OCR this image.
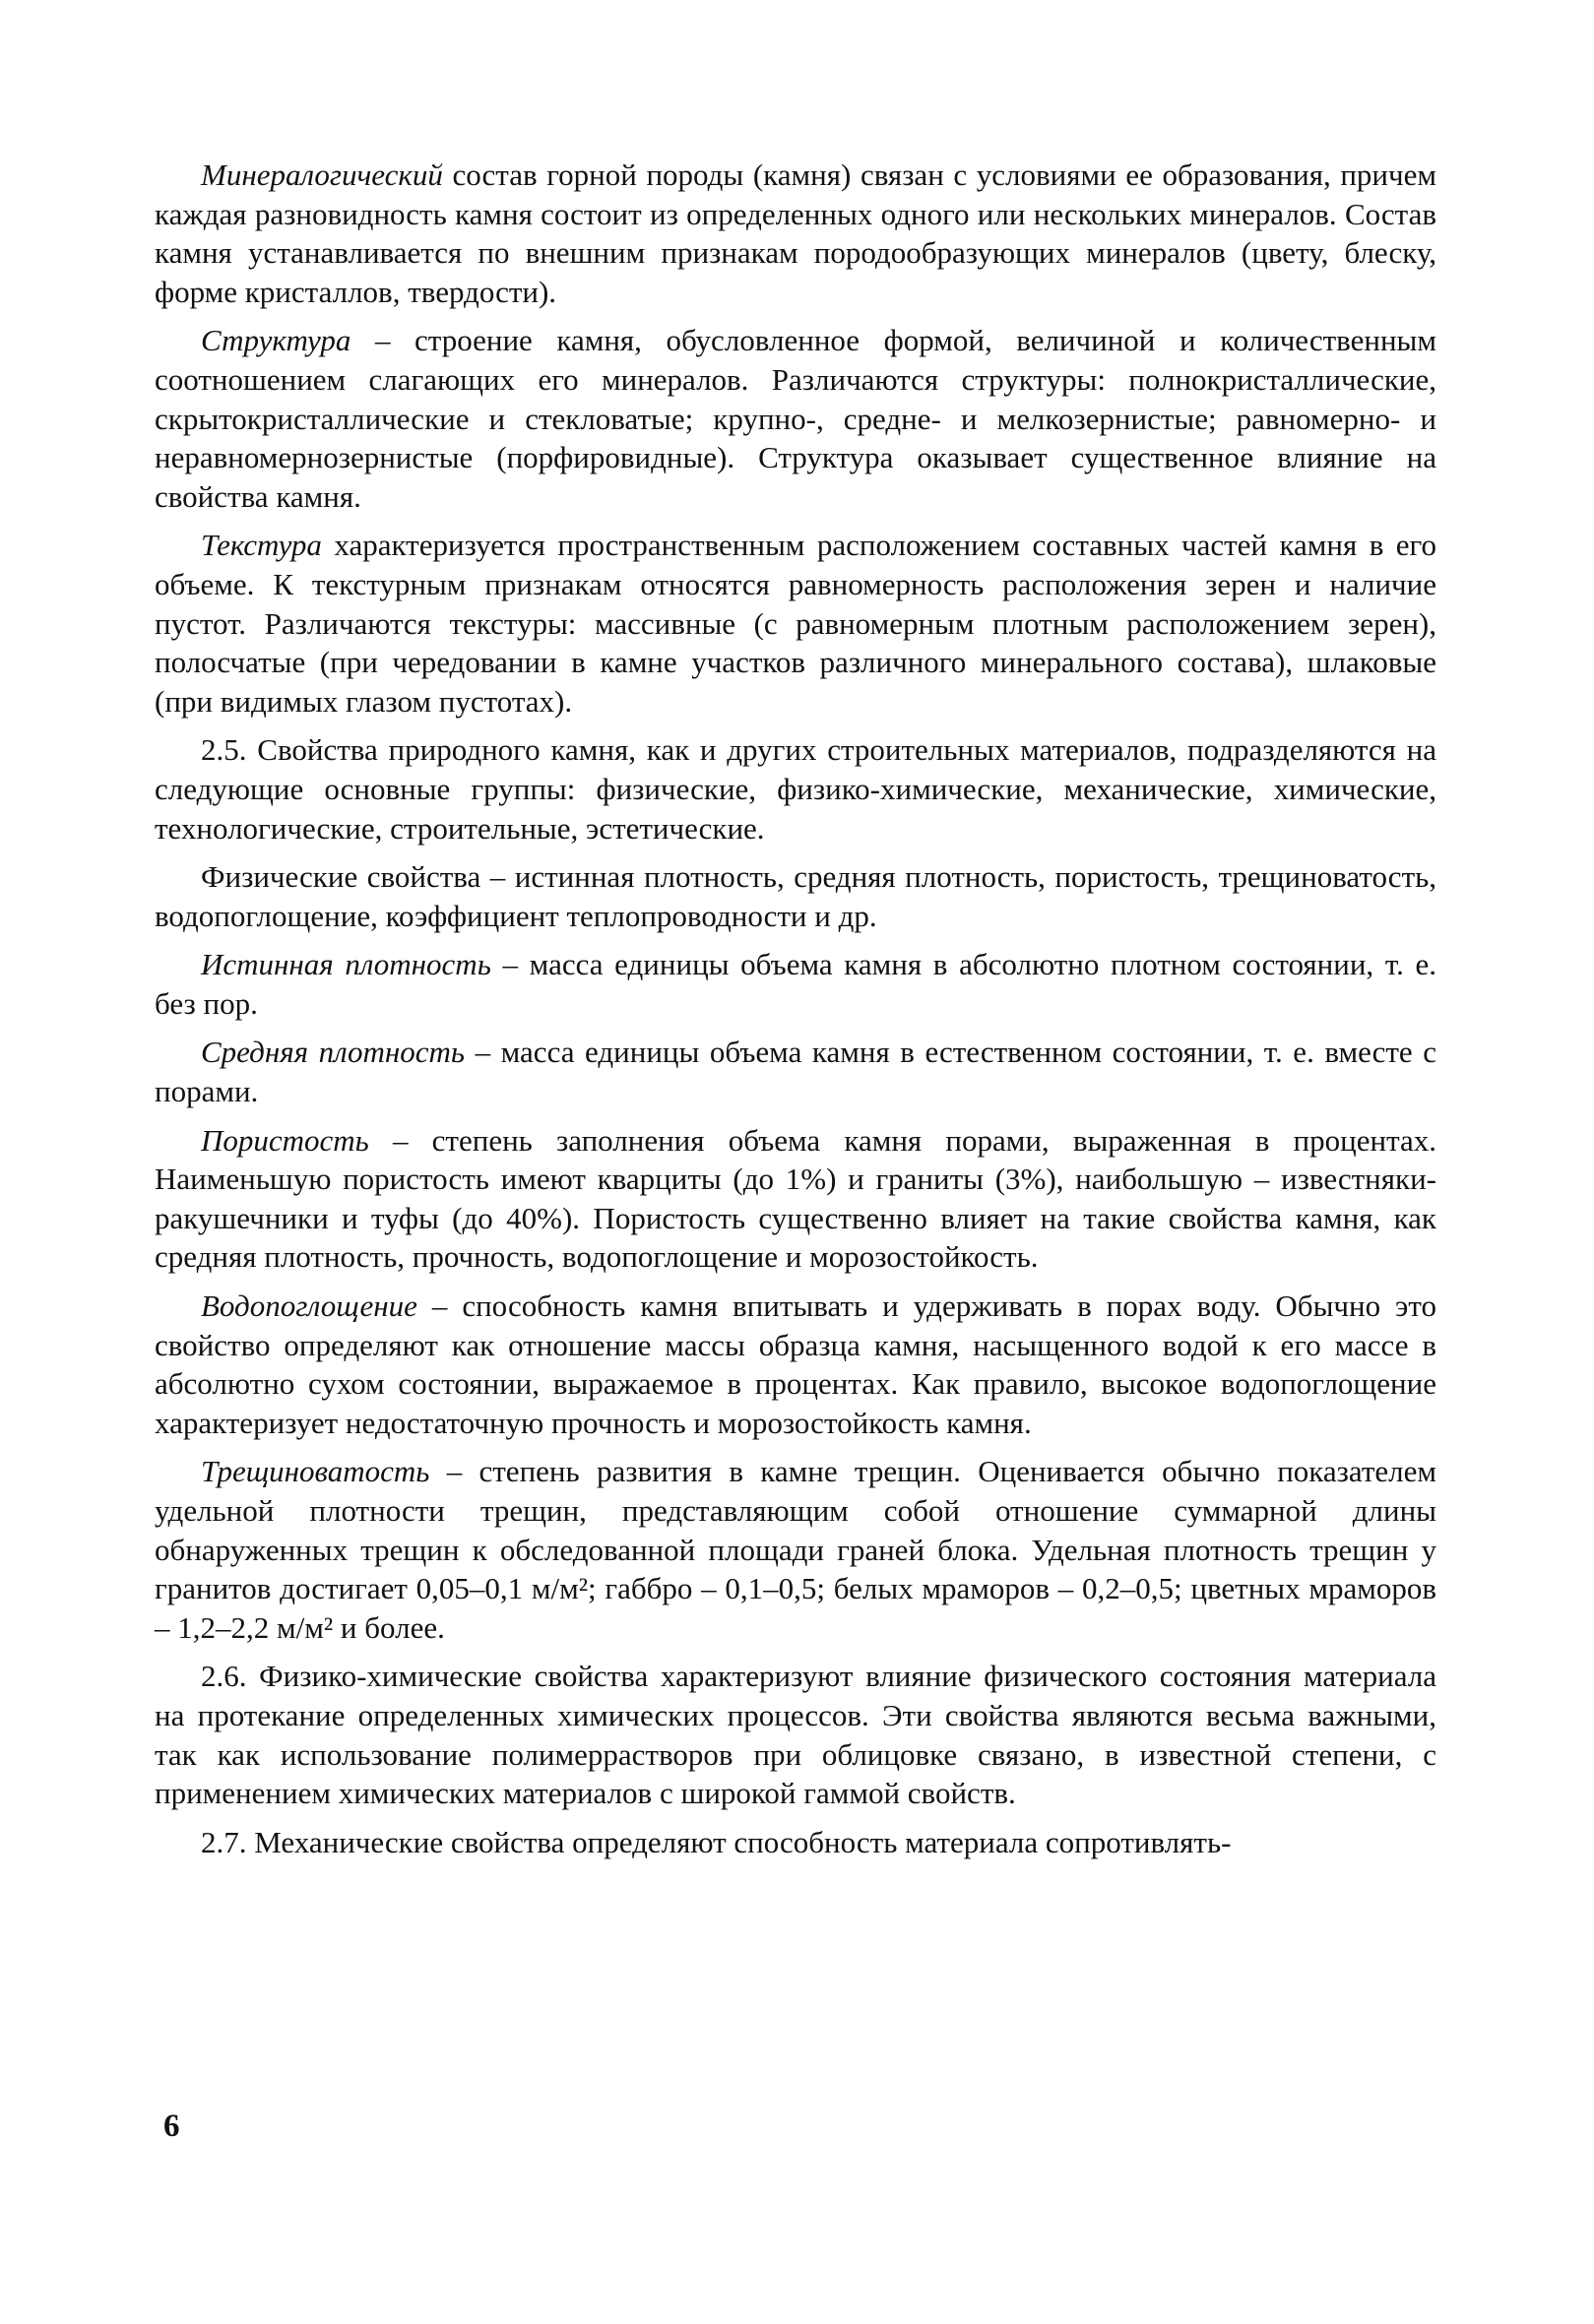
Минералогический состав горной породы (камня) связан с условиями ее образования, причем каждая разновидность камня состоит из определенных одного или нескольких минералов. Состав камня устанавливается по внешним признакам породообразующих минералов (цвету, блеску, форме кристаллов, твердости).

Структура – строение камня, обусловленное формой, величиной и количественным соотношением слагающих его минералов. Различаются структуры: полнокристаллические, скрытокристаллические и стекловатые; крупно-, средне- и мелкозернистые; равномерно- и неравномернозернистые (порфировидные). Структура оказывает существенное влияние на свойства камня.

Текстура характеризуется пространственным расположением составных частей камня в его объеме. К текстурным признакам относятся равномерность расположения зерен и наличие пустот. Различаются текстуры: массивные (с равномерным плотным расположением зерен), полосчатые (при чередовании в камне участков различного минерального состава), шлаковые (при видимых глазом пустотах).

2.5. Свойства природного камня, как и других строительных материалов, подразделяются на следующие основные группы: физические, физико-химические, механические, химические, технологические, строительные, эстетические.

Физические свойства – истинная плотность, средняя плотность, пористость, трещиноватость, водопоглощение, коэффициент теплопроводности и др.

Истинная плотность – масса единицы объема камня в абсолютно плотном состоянии, т. е. без пор.

Средняя плотность – масса единицы объема камня в естественном состоянии, т. е. вместе с порами.

Пористость – степень заполнения объема камня порами, выраженная в процентах. Наименьшую пористость имеют кварциты (до 1%) и граниты (3%), наибольшую – известняки-ракушечники и туфы (до 40%). Пористость существенно влияет на такие свойства камня, как средняя плотность, прочность, водопоглощение и морозостойкость.

Водопоглощение – способность камня впитывать и удерживать в порах воду. Обычно это свойство определяют как отношение массы образца камня, насыщенного водой к его массе в абсолютно сухом состоянии, выражаемое в процентах. Как правило, высокое водопоглощение характеризует недостаточную прочность и морозостойкость камня.

Трещиноватость – степень развития в камне трещин. Оценивается обычно показателем удельной плотности трещин, представляющим собой отношение суммарной длины обнаруженных трещин к обследованной площади граней блока. Удельная плотность трещин у гранитов достигает 0,05–0,1 м/м²; габбро – 0,1–0,5; белых мраморов – 0,2–0,5; цветных мраморов – 1,2–2,2 м/м² и более.

2.6. Физико-химические свойства характеризуют влияние физического состояния материала на протекание определенных химических процессов. Эти свойства являются весьма важными, так как использование полимеррастворов при облицовке связано, в известной степени, с применением химических материалов с широкой гаммой свойств.

2.7. Механические свойства определяют способность материала сопротивлять-

6
